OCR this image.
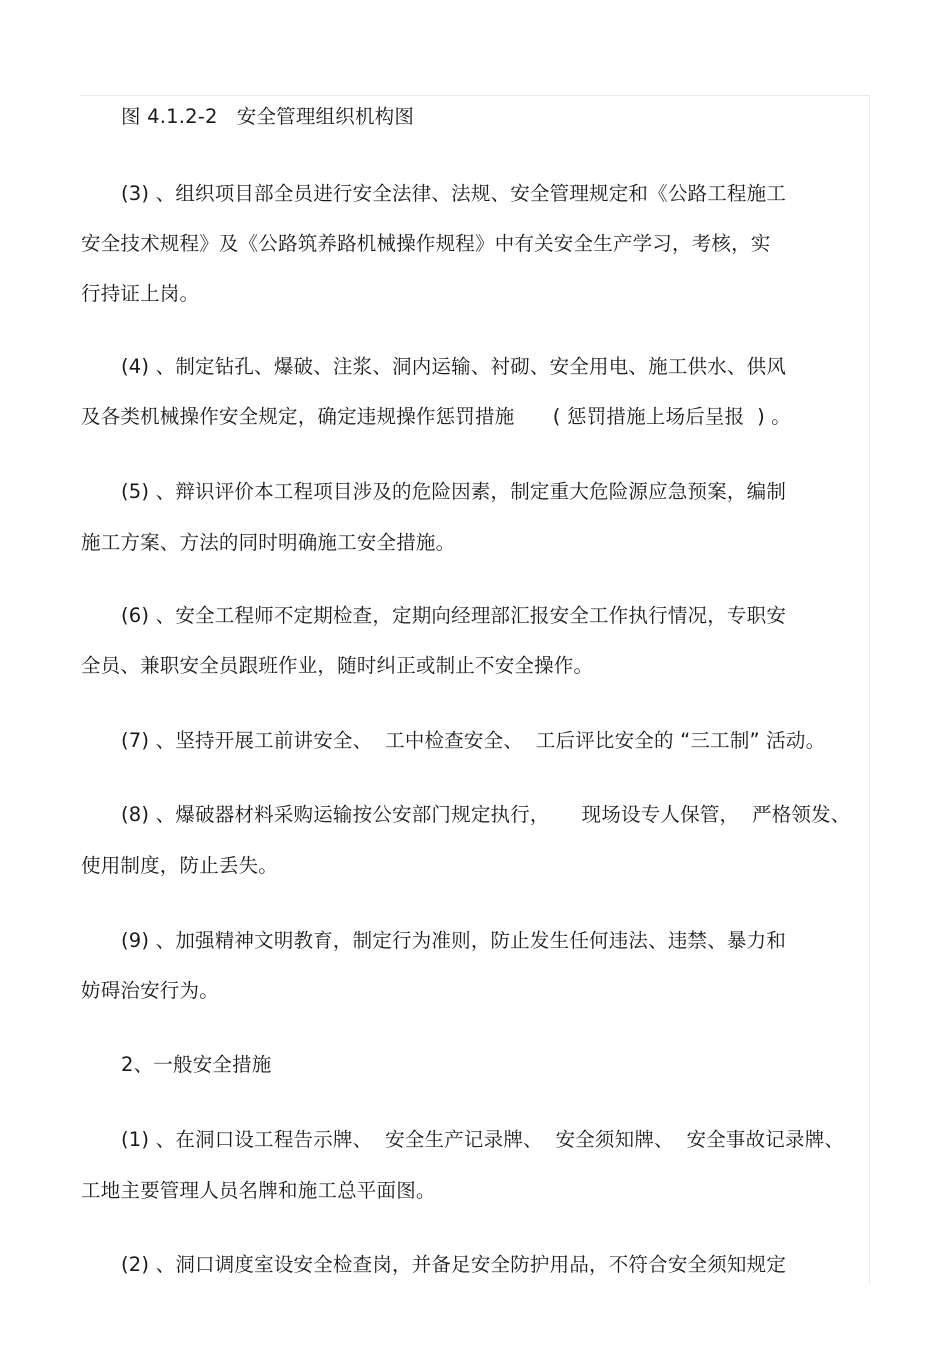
图 4.1.2-2   安全管理组织机构图
(3) 、组织项目部全员进行安全法律、法规、安全管理规定和《公路工程施工
安全技术规程》及《公路筑养路机械操作规程》中有关安全生产学习，考核，实
行持证上岗。
(4) 、制定钻孔、爆破、注浆、洞内运输、衬砌、安全用电、施工供水、供风
及各类机械操作安全规定，确定违规操作惩罚措施      ( 惩罚措施上场后呈报  ) 。
(5) 、辩识评价本工程项目涉及的危险因素，制定重大危险源应急预案，编制
施工方案、方法的同时明确施工安全措施。
(6) 、安全工程师不定期检查，定期向经理部汇报安全工作执行情况，专职安
全员、兼职安全员跟班作业，随时纠正或制止不安全操作。
(7) 、坚持开展工前讲安全、  工中检查安全、  工后评比安全的 “三工制” 活动。
(8) 、爆破器材料采购运输按公安部门规定执行，     现场设专人保管，  严格领发、
使用制度，防止丢失。
(9) 、加强精神文明教育，制定行为准则，防止发生任何违法、违禁、暴力和
妨碍治安行为。
2、一般安全措施
(1) 、在洞口设工程告示牌、  安全生产记录牌、  安全须知牌、  安全事故记录牌、
工地主要管理人员名牌和施工总平面图。
(2) 、洞口调度室设安全检查岗，并备足安全防护用品，不符合安全须知规定
